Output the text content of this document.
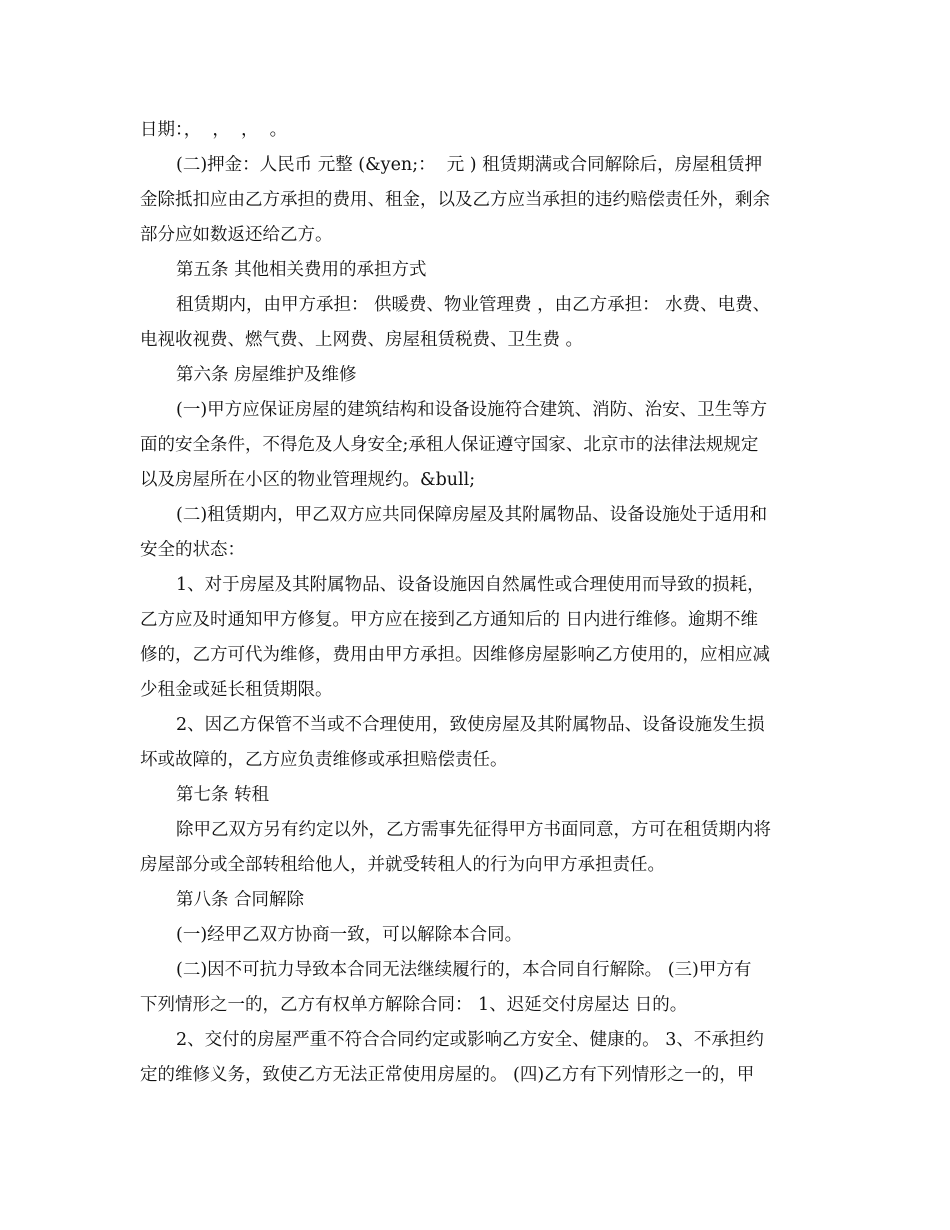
日期：，  ，  ，  。
(二)押金：人民币 元整 (&yen;：  元 ) 租赁期满或合同解除后，房屋租赁押
金除抵扣应由乙方承担的费用、租金，以及乙方应当承担的违约赔偿责任外，剩余
部分应如数返还给乙方。
第五条 其他相关费用的承担方式
租赁期内，由甲方承担： 供暖费、物业管理费 ，由乙方承担： 水费、电费、
电视收视费、燃气费、上网费、房屋租赁税费、卫生费 。
第六条 房屋维护及维修
(一)甲方应保证房屋的建筑结构和设备设施符合建筑、消防、治安、卫生等方
面的安全条件，不得危及人身安全;承租人保证遵守国家、北京市的法律法规规定
以及房屋所在小区的物业管理规约。&bull;
(二)租赁期内，甲乙双方应共同保障房屋及其附属物品、设备设施处于适用和
安全的状态：
1、对于房屋及其附属物品、设备设施因自然属性或合理使用而导致的损耗，
乙方应及时通知甲方修复。甲方应在接到乙方通知后的 日内进行维修。逾期不维
修的，乙方可代为维修，费用由甲方承担。因维修房屋影响乙方使用的，应相应减
少租金或延长租赁期限。
2、因乙方保管不当或不合理使用，致使房屋及其附属物品、设备设施发生损
坏或故障的，乙方应负责维修或承担赔偿责任。
第七条 转租
除甲乙双方另有约定以外，乙方需事先征得甲方书面同意，方可在租赁期内将
房屋部分或全部转租给他人，并就受转租人的行为向甲方承担责任。
第八条 合同解除
(一)经甲乙双方协商一致，可以解除本合同。
(二)因不可抗力导致本合同无法继续履行的，本合同自行解除。 (三)甲方有
下列情形之一的，乙方有权单方解除合同： 1、迟延交付房屋达 日的。
2、交付的房屋严重不符合合同约定或影响乙方安全、健康的。 3、不承担约
定的维修义务，致使乙方无法正常使用房屋的。 (四)乙方有下列情形之一的，甲
